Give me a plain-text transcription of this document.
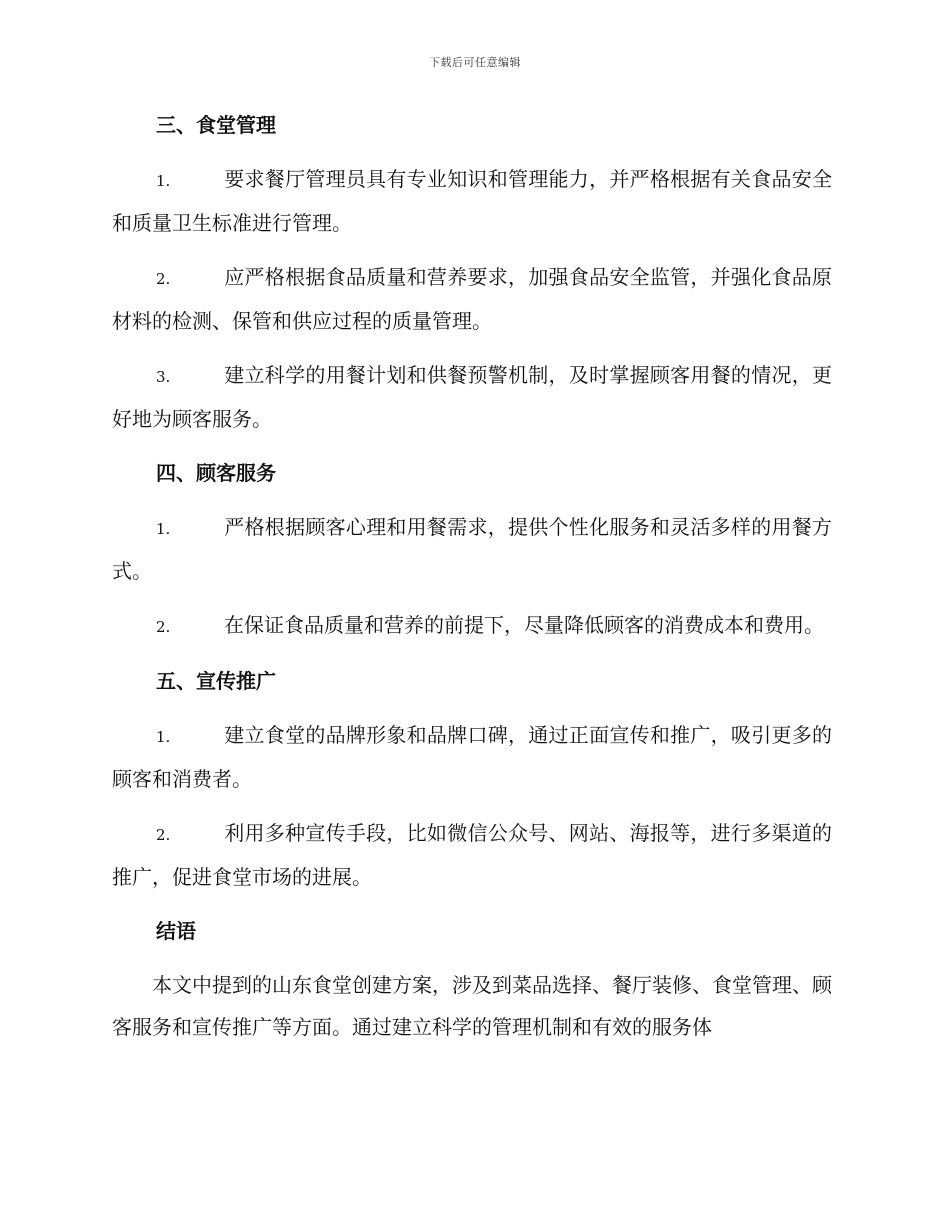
下载后可任意编辑
三、食堂管理
1.	要求餐厅管理员具有专业知识和管理能力，并严格根据有关食品安全和质量卫生标准进行管理。
2.	应严格根据食品质量和营养要求，加强食品安全监管，并强化食品原材料的检测、保管和供应过程的质量管理。
3.	建立科学的用餐计划和供餐预警机制，及时掌握顾客用餐的情况，更好地为顾客服务。
四、顾客服务
1.	严格根据顾客心理和用餐需求，提供个性化服务和灵活多样的用餐方式。
2.	在保证食品质量和营养的前提下，尽量降低顾客的消费成本和费用。
五、宣传推广
1.	建立食堂的品牌形象和品牌口碑，通过正面宣传和推广，吸引更多的顾客和消费者。
2.	利用多种宣传手段，比如微信公众号、网站、海报等，进行多渠道的推广，促进食堂市场的进展。
结语

本文中提到的山东食堂创建方案，涉及到菜品选择、餐厅装修、食堂管理、顾客服务和宣传推广等方面。通过建立科学的管理机制和有效的服务体
